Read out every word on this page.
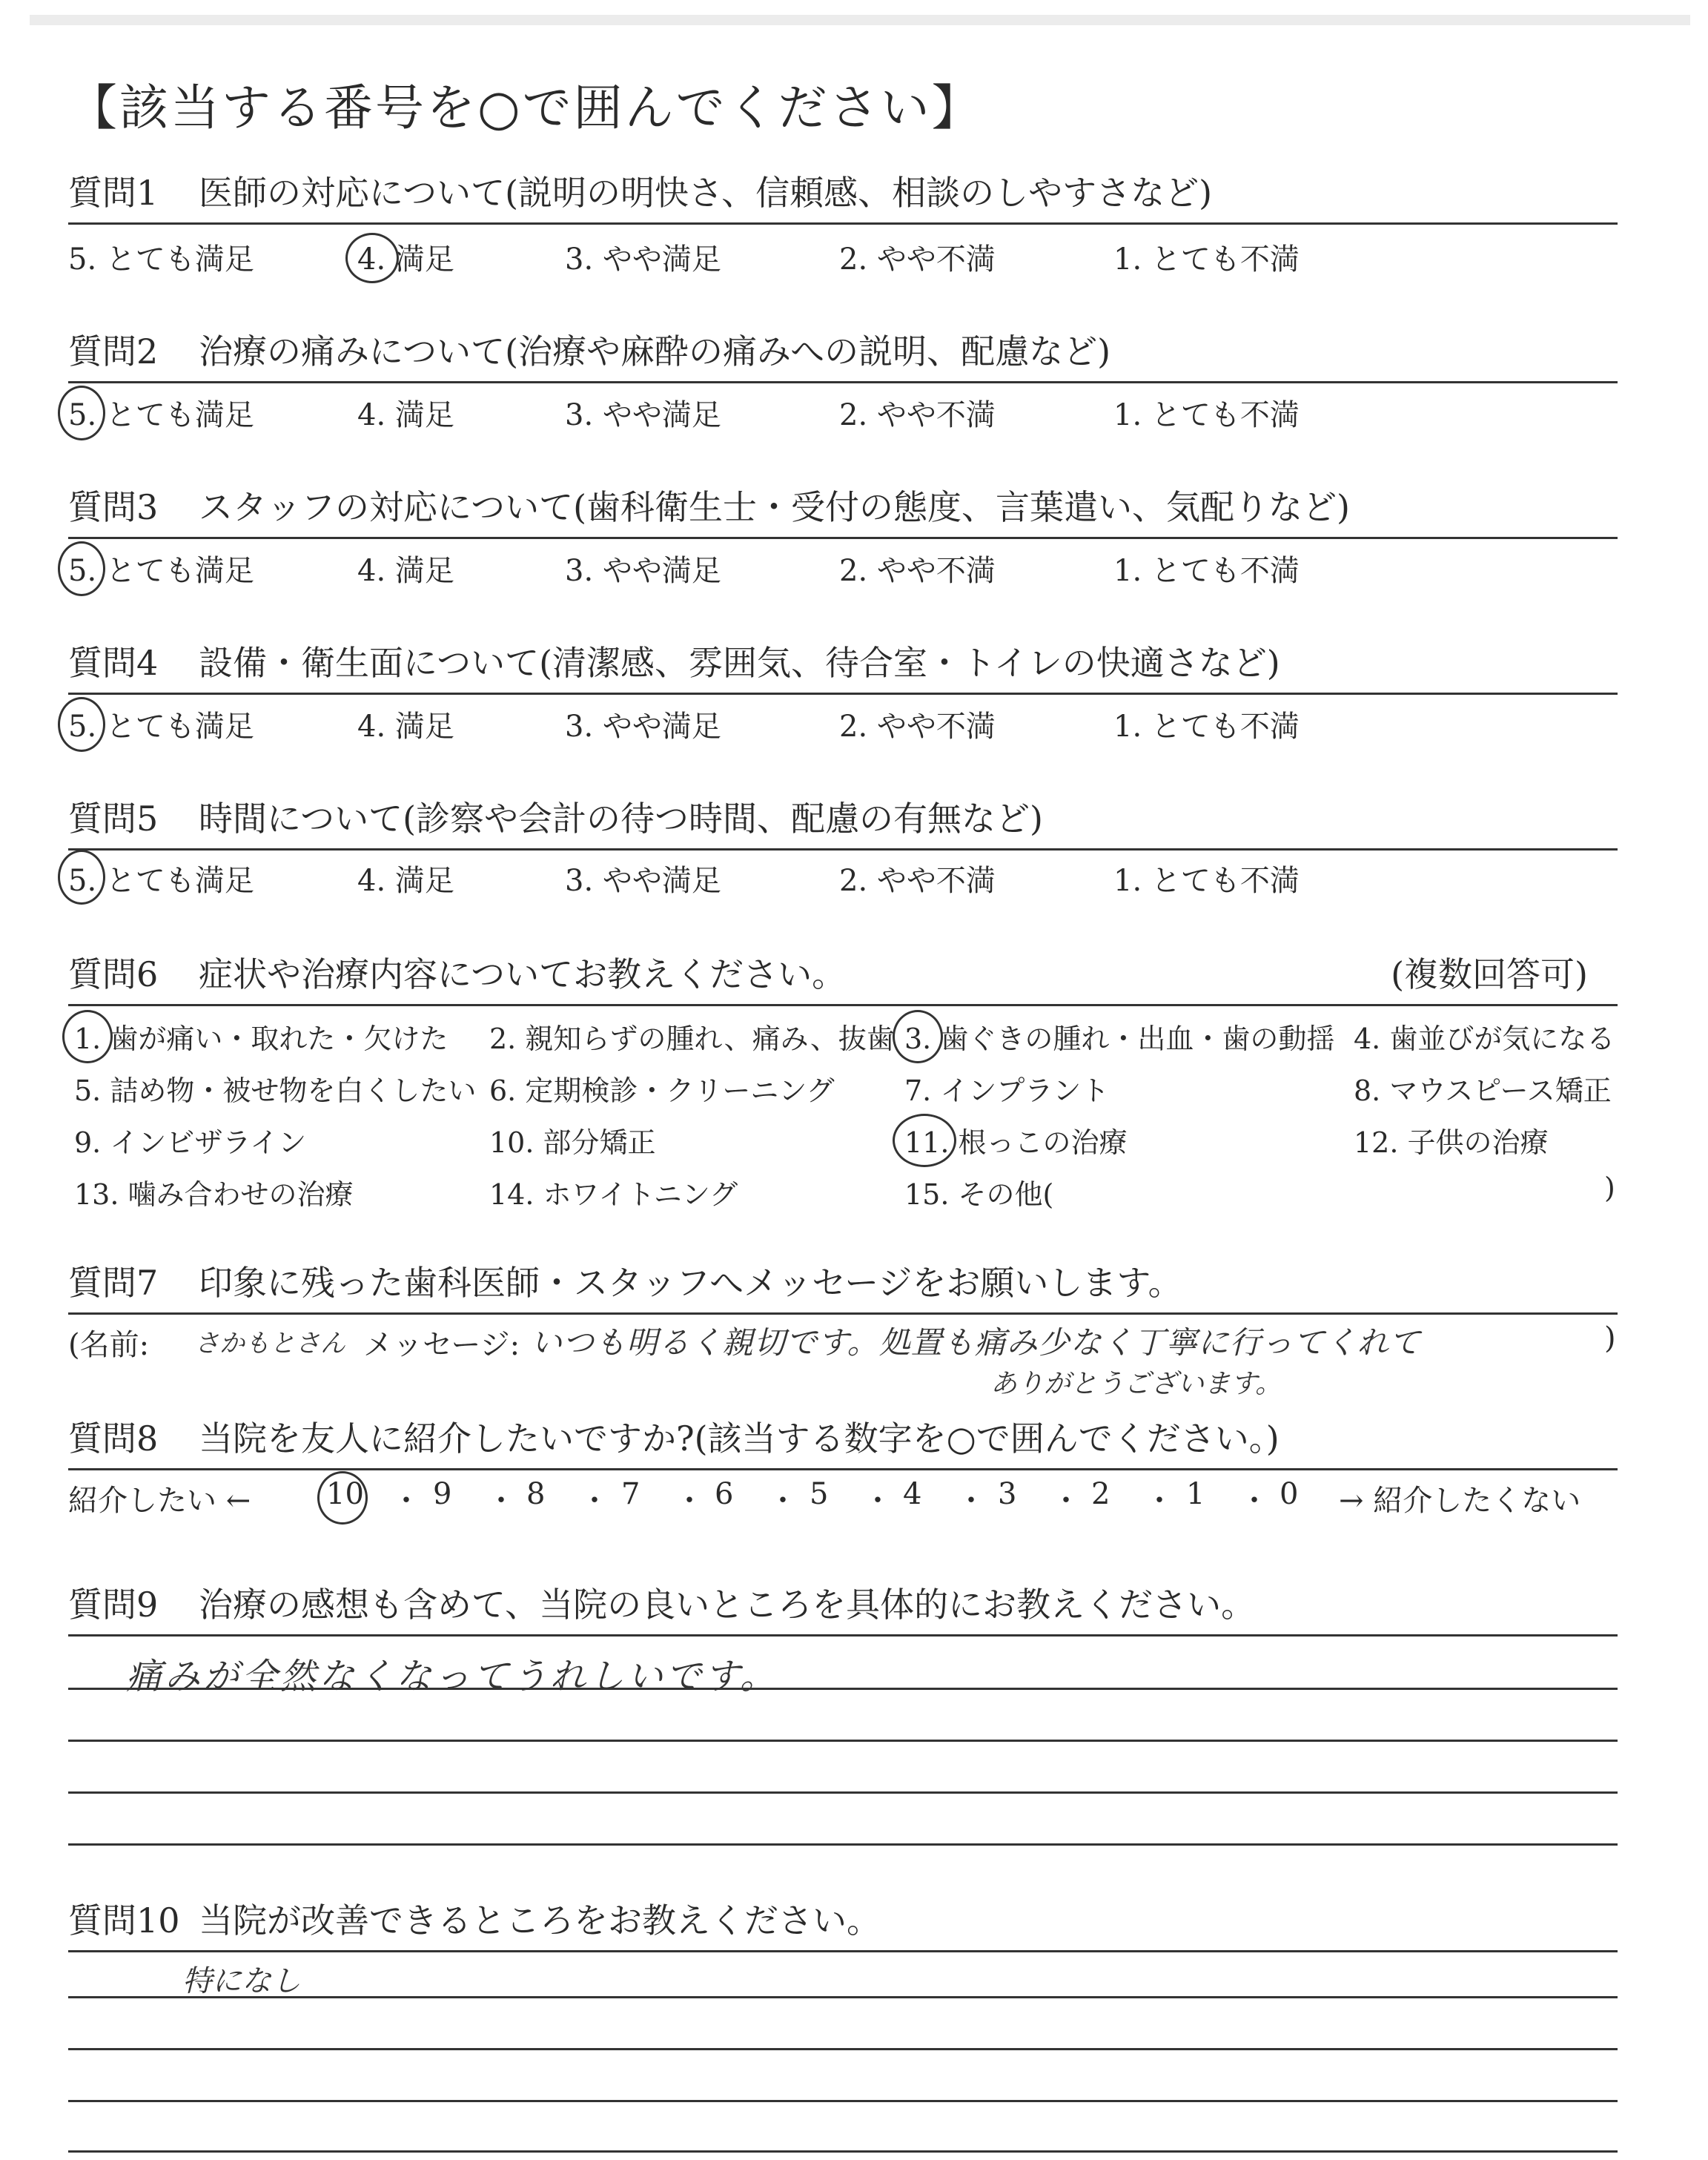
【該当する番号を○で囲んでください】
質問1 医師の対応について(説明の明快さ、信頼感、相談のしやすさなど)
5. とても満足	4. 満足	3. やや満足	2. やや不満	1. とても不満
質問2 治療の痛みについて(治療や麻酔の痛みへの説明、配慮など)
5. とても満足	4. 満足	3. やや満足	2. やや不満	1. とても不満
質問3 スタッフの対応について(歯科衛生士・受付の態度、言葉遣い、気配りなど)
5. とても満足	4. 満足	3. やや満足	2. やや不満	1. とても不満
質問4 設備・衛生面について(清潔感、雰囲気、待合室・トイレの快適さなど)
5. とても満足	4. 満足	3. やや満足	2. やや不満	1. とても不満
質問5 時間について(診察や会計の待つ時間、配慮の有無など)
5. とても満足	4. 満足	3. やや満足	2. やや不満	1. とても不満
質問6 症状や治療内容についてお教えください。	(複数回答可)
1. 歯が痛い・取れた・欠けた 2. 親知らずの腫れ、痛み、抜歯 3. 歯ぐきの腫れ・出血・歯の動揺 4. 歯並びが気になる
5. 詰め物・被せ物を白くしたい 6. 定期検診・クリーニング 7. インプラント	8. マウスピース矯正
9. インビザライン	10. 部分矯正	11. 根っこの治療	12. 子供の治療
13. 噛み合わせの治療	14. ホワイトニング	15. その他(	)
質問7 印象に残った歯科医師・スタッフへメッセージをお願いします。
(名前: さかもとさん メッセージ: いつも明るく親切です。処置も痛み少なく丁寧に行ってくれて
ありがとうございます。
)
質問8 当院を友人に紹介したいですか?(該当する数字を○で囲んでください。)
紹介したい ←	10 ・ 9 ・ 8 ・ 7 ・ 6 ・ 5 ・ 4 ・ 3 ・ 2 ・ 1 ・ 0 → 紹介したくない
質問9 治療の感想も含めて、当院の良いところを具体的にお教えください。
痛みが全然なくなってうれしいです。
質問10 当院が改善できるところをお教えください。
特になし
